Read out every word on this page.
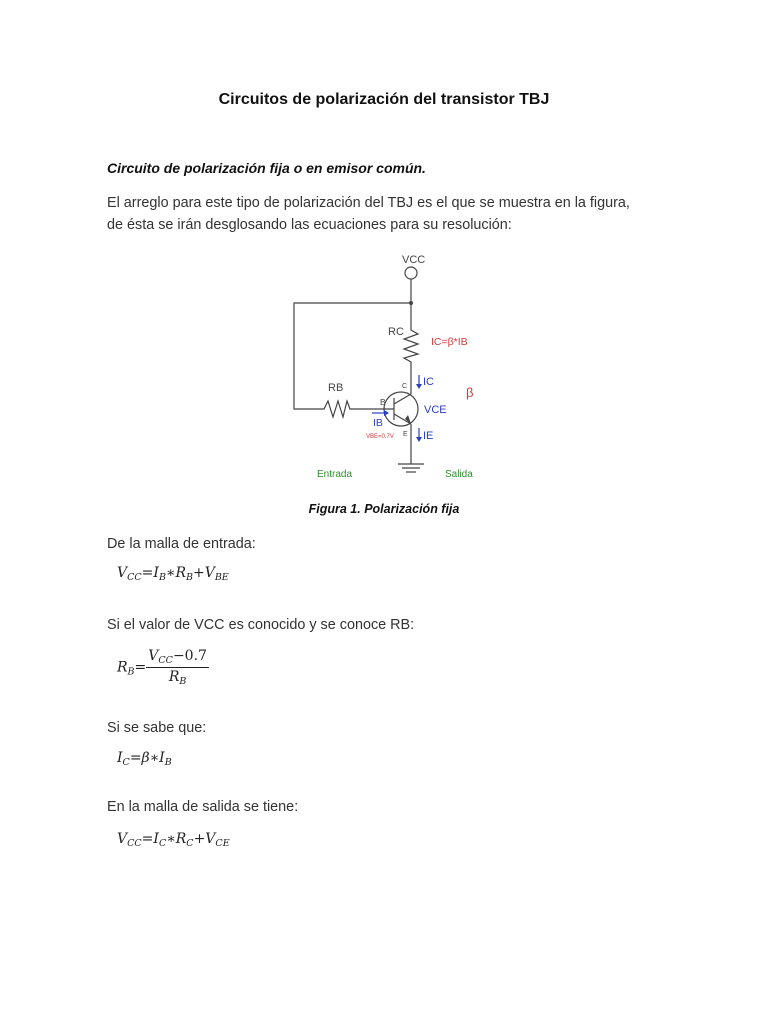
Circuitos de polarización del transistor TBJ
Circuito de polarización fija o en emisor común.
El arreglo para este tipo de polarización del TBJ es el que se muestra en la figura,
de ésta se irán desglosando las ecuaciones para su resolución:
VCC
RC
IC=β*IB
RB
B
C
E
IC
IB
IE
VCE
VBE=0.7V
β
Entrada	Salida
Figura 1. Polarización fija
De la malla de entrada:
$V_{CC}=I_B∗R_B+V_{BE}$
Si el valor de VCC es conocido y se conoce RB:
$R_B= \frac{V_{CC}-0.7}{R_B}$
Si se sabe que:
$I_C=\beta∗I_B$
En la malla de salida se tiene:
$V_{CC}=I_C∗R_C+V_{CE}$
